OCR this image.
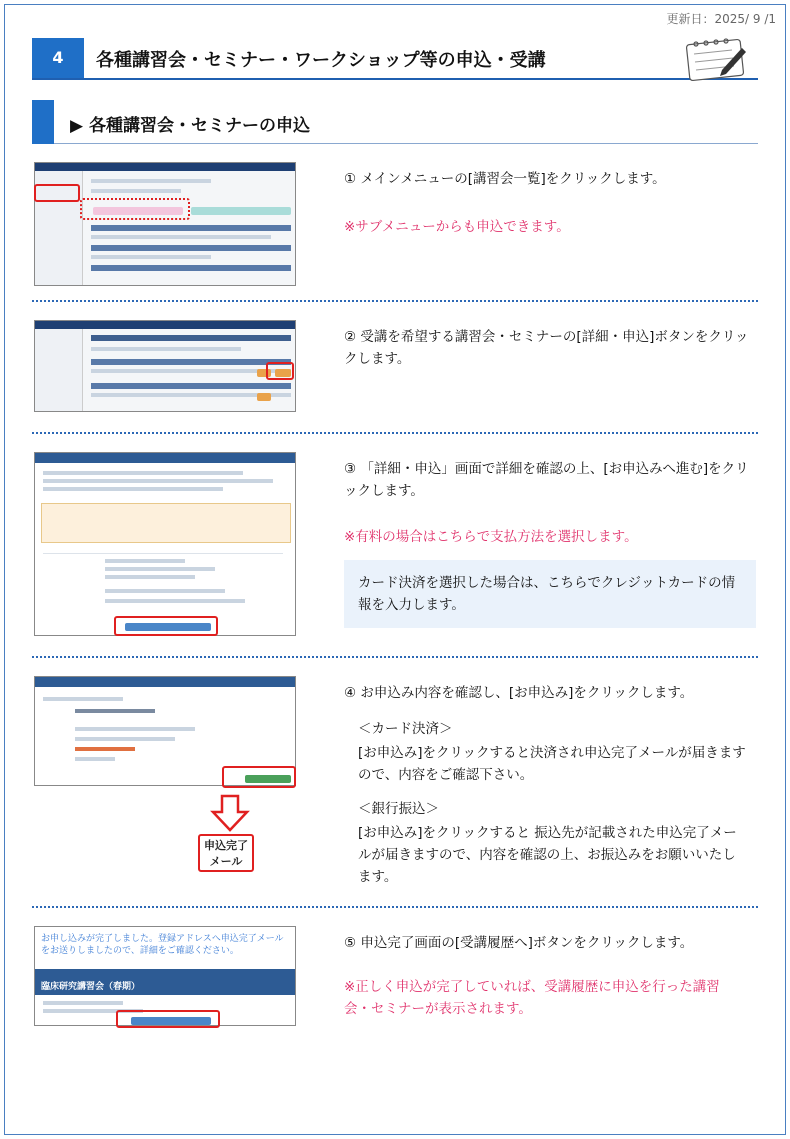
更新日：2025/ 9 /1
4	各種講習会・セミナー・ワークショップ等の申込・受講
▶ 各種講習会・セミナーの申込
① メインメニューの[講習会一覧]をクリックします。
※サブメニューからも申込できます。
② 受講を希望する講習会・セミナーの[詳細・申込]ボタンをクリックします。
③ 「詳細・申込」画面で詳細を確認の上、[お申込みへ進む]をクリックします。
※有料の場合はこちらで支払方法を選択します。
カード決済を選択した場合は、こちらでクレジットカードの情報を入力します。
申込完了メール
④ お申込み内容を確認し、[お申込み]をクリックします。
＜カード決済＞
[お申込み]をクリックすると決済され申込完了メールが届きますので、内容をご確認下さい。
＜銀行振込＞
[お申込み]をクリックすると 振込先が記載された申込完了メールが届きますので、内容を確認の上、お振込みをお願いいたします。
お申し込みが完了しました。登録アドレスへ申込完了メールをお送りしましたので、詳細をご確認ください。
臨床研究講習会（春期）
⑤ 申込完了画面の[受講履歴へ]ボタンをクリックします。
※正しく申込が完了していれば、受講履歴に申込を行った講習会・セミナーが表示されます。
